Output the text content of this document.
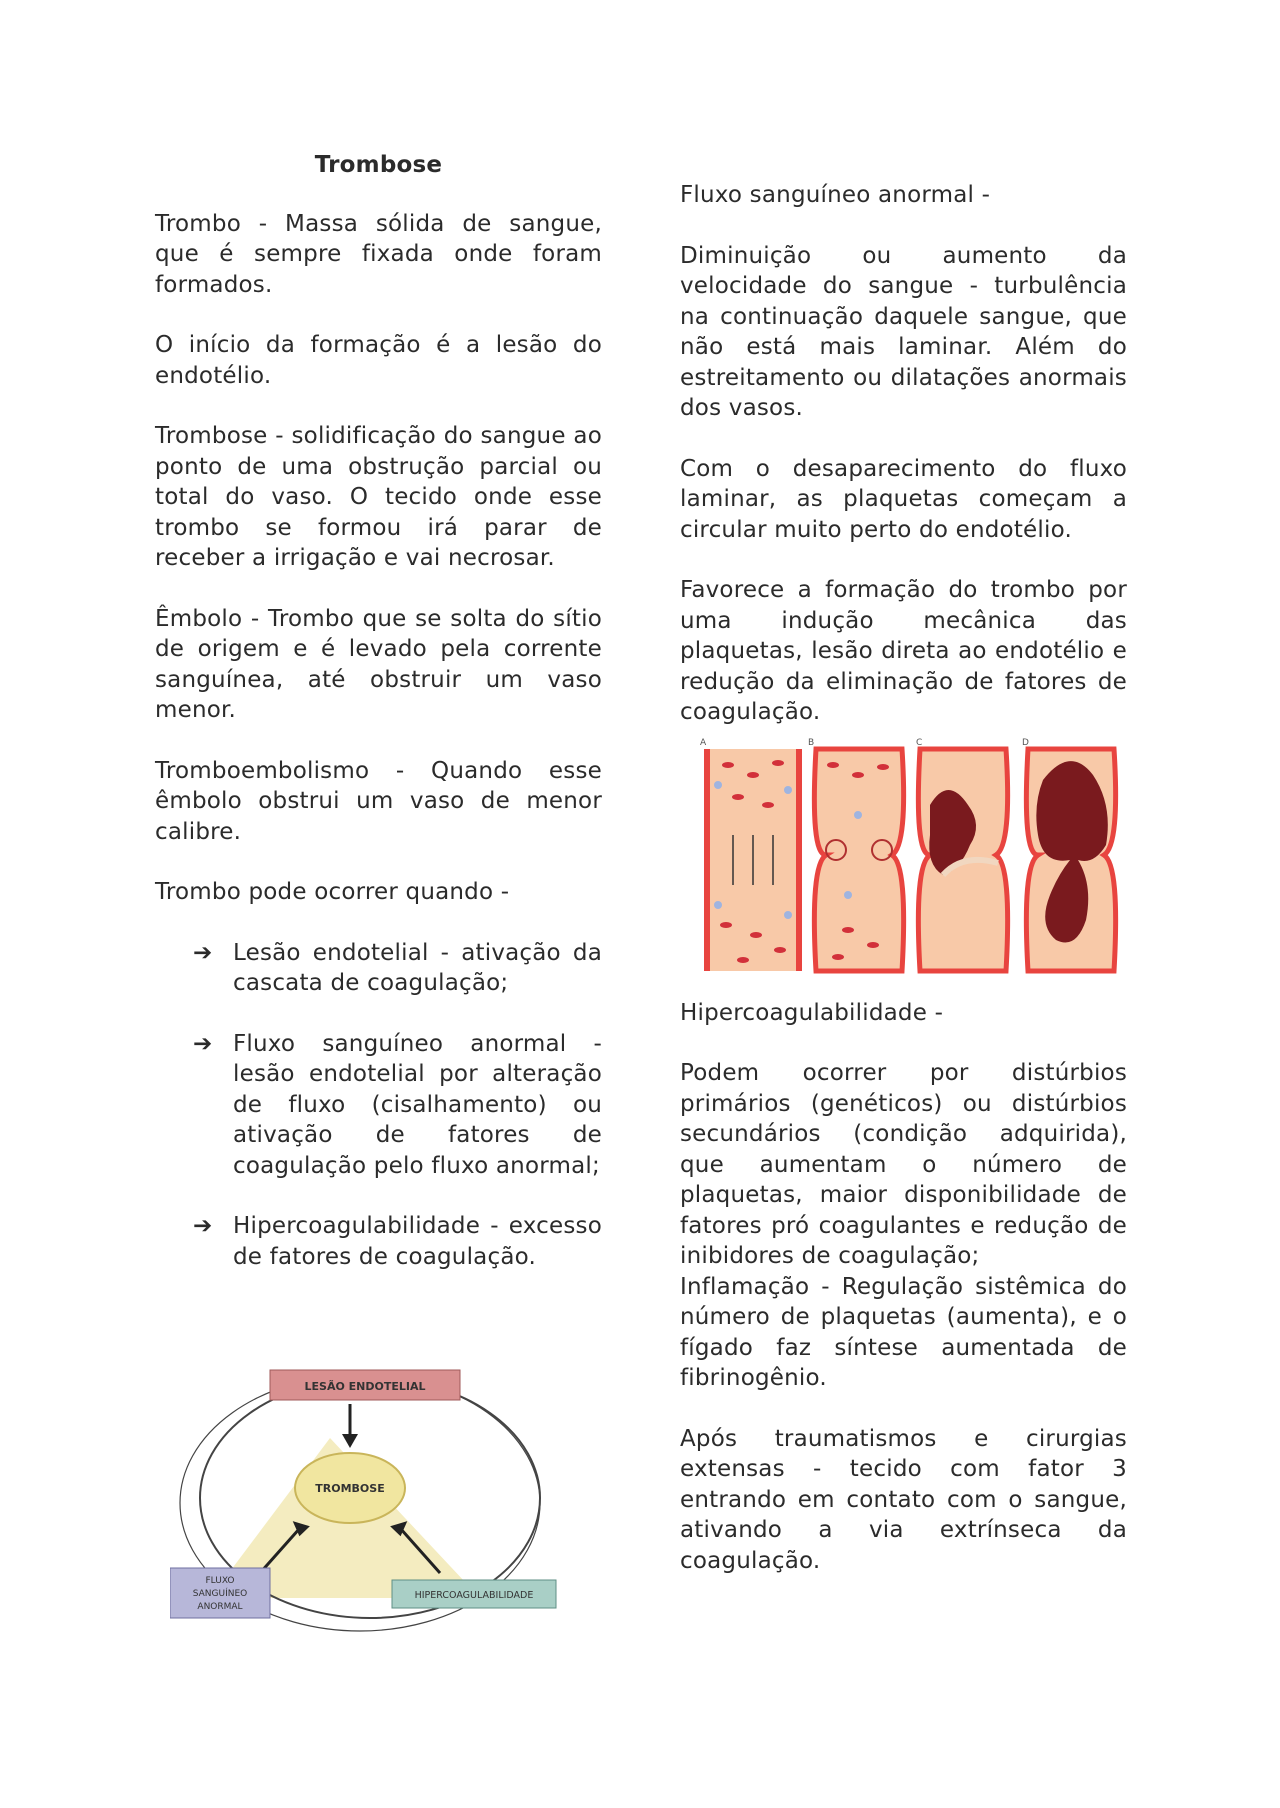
Trombose

Trombo - Massa sólida de sangue, que é sempre fixada onde foram formados.

O início da formação é a lesão do endotélio.

Trombose - solidificação do sangue ao ponto de uma obstrução parcial ou total do vaso. O tecido onde esse trombo se formou irá parar de receber a irrigação e vai necrosar.

Êmbolo - Trombo que se solta do sítio de origem e é levado pela corrente sanguínea, até obstruir um vaso menor.

Tromboembolismo - Quando esse êmbolo obstrui um vaso de menor calibre.

Trombo pode ocorrer quando -

➔ Lesão endotelial - ativação da cascata de coagulação;
➔ Fluxo sanguíneo anormal - lesão endotelial por alteração de fluxo (cisalhamento) ou ativação de fatores de coagulação pelo fluxo anormal;
➔ Hipercoagulabilidade - excesso de fatores de coagulação.

Fluxo sanguíneo anormal -

Diminuição ou aumento da velocidade do sangue - turbulência na continuação daquele sangue, que não está mais laminar. Além do estreitamento ou dilatações anormais dos vasos.

Com o desaparecimento do fluxo laminar, as plaquetas começam a circular muito perto do endotélio.

Favorece a formação do trombo por uma indução mecânica das plaquetas, lesão direta ao endotélio e redução da eliminação de fatores de coagulação.

Hipercoagulabilidade -

Podem ocorrer por distúrbios primários (genéticos) ou distúrbios secundários (condição adquirida), que aumentam o número de plaquetas, maior disponibilidade de fatores pró coagulantes e redução de inibidores de coagulação;

Inflamação - Regulação sistêmica do número de plaquetas (aumenta), e o fígado faz síntese aumentada de fibrinogênio.

Após traumatismos e cirurgias extensas - tecido com fator 3 entrando em contato com o sangue, ativando a via extrínseca da coagulação.

A	B	C	D
LESÃO ENDOTELIAL
TROMBOSE
FLUXO
SANGUÍNEO
ANORMAL
HIPERCOAGULABILIDADE
